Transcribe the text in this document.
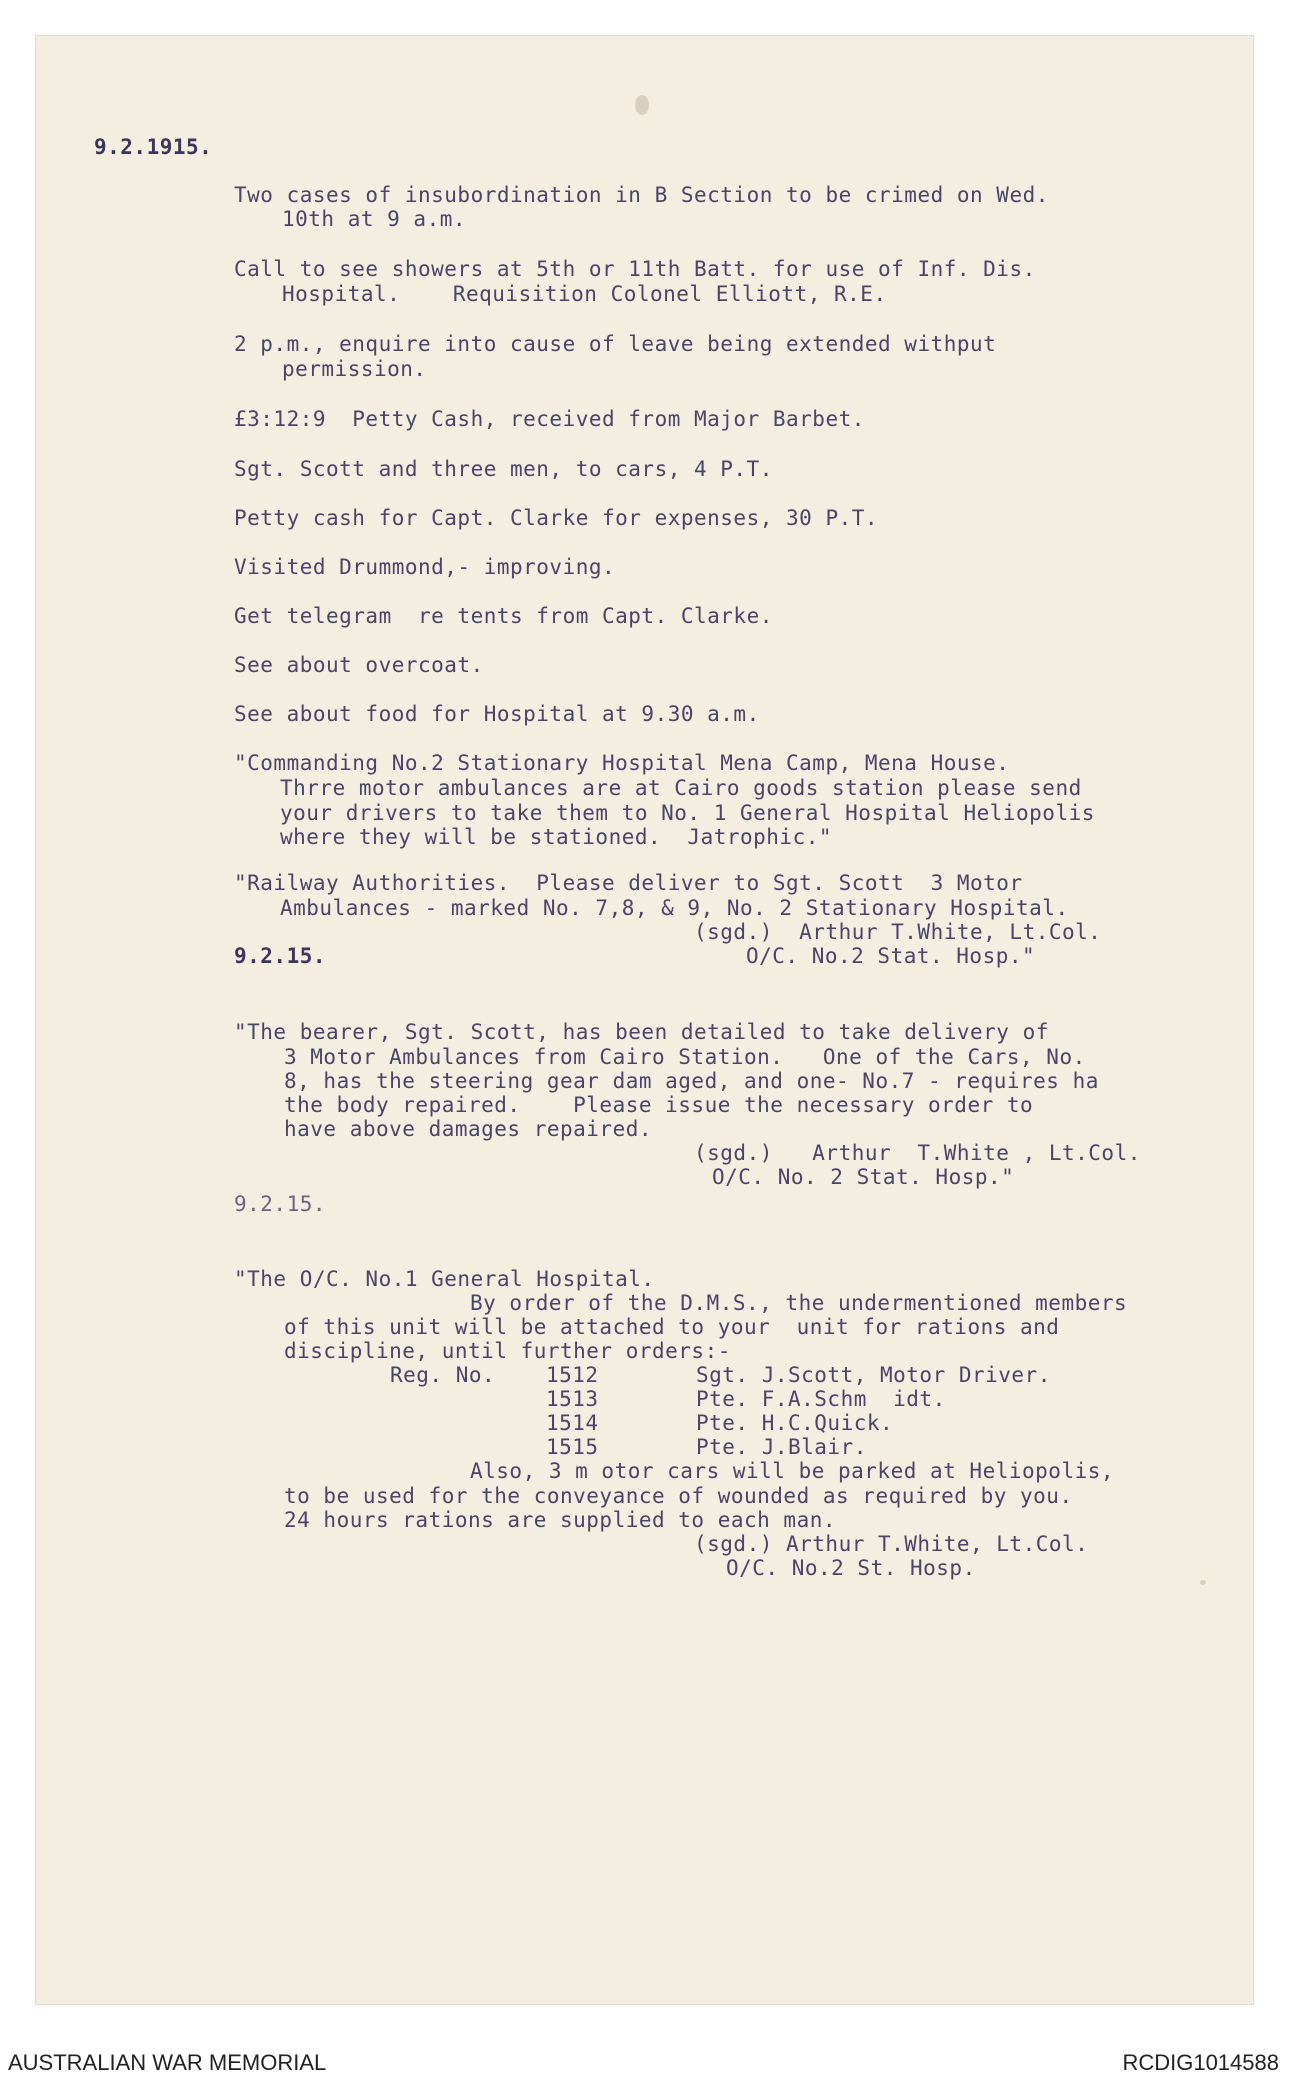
9.2.1915.
Two cases of insubordination in B Section to be crimed on Wed.
10th at 9 a.m.
Call to see showers at 5th or 11th Batt. for use of Inf. Dis.
Hospital.    Requisition Colonel Elliott, R.E.
2 p.m., enquire into cause of leave being extended withput
permission.
£3:12:9  Petty Cash, received from Major Barbet.
Sgt. Scott and three men, to cars, 4 P.T.
Petty cash for Capt. Clarke for expenses, 30 P.T.
Visited Drummond,- improving.
Get telegram  re tents from Capt. Clarke.
See about overcoat.
See about food for Hospital at 9.30 a.m.
"Commanding No.2 Stationary Hospital Mena Camp, Mena House.
Thrre motor ambulances are at Cairo goods station please send
your drivers to take them to No. 1 General Hospital Heliopolis
where they will be stationed.  Jatrophic."
"Railway Authorities.  Please deliver to Sgt. Scott  3 Motor
Ambulances - marked No. 7,8, & 9, No. 2 Stationary Hospital.
(sgd.)  Arthur T.White, Lt.Col.
9.2.15.	O/C. No.2 Stat. Hosp."
"The bearer, Sgt. Scott, has been detailed to take delivery of
3 Motor Ambulances from Cairo Station.   One of the Cars, No.
8, has the steering gear dam aged, and one- No.7 - requires ha
the body repaired.    Please issue the necessary order to
have above damages repaired.
(sgd.)   Arthur  T.White , Lt.Col.
O/C. No. 2 Stat. Hosp."
9.2.15.
"The O/C. No.1 General Hospital.
By order of the D.M.S., the undermentioned members
of this unit will be attached to your  unit for rations and
discipline, until further orders:-
Reg. No. 1512	Sgt. J.Scott, Motor Driver.
1513	Pte. F.A.Schm  idt.
1514	Pte. H.C.Quick.
1515	Pte. J.Blair.
Also, 3 m otor cars will be parked at Heliopolis,
to be used for the conveyance of wounded as required by you.
24 hours rations are supplied to each man.
(sgd.) Arthur T.White, Lt.Col.
O/C. No.2 St. Hosp.
AUSTRALIAN WAR MEMORIAL	RCDIG1014588
